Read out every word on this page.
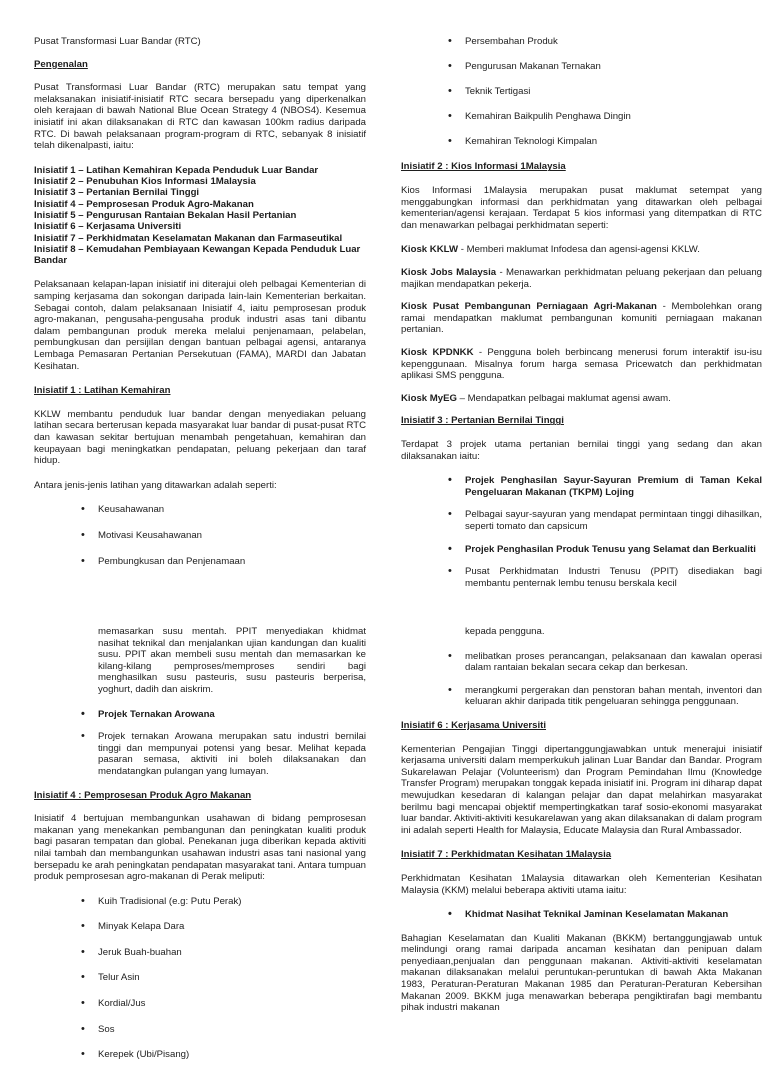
Pusat Transformasi Luar Bandar (RTC)

Pengenalan

Pusat Transformasi Luar Bandar (RTC) merupakan satu tempat yang melaksanakan inisiatif-inisiatif RTC secara bersepadu yang diperkenalkan oleh kerajaan di bawah National Blue Ocean Strategy 4 (NBOS4). Kesemua inisiatif ini akan dilaksanakan di RTC dan kawasan 100km radius daripada RTC. Di bawah pelaksanaan program-program di RTC, sebanyak 8 inisiatif telah dikenalpasti, iaitu:

Inisiatif 1 – Latihan Kemahiran Kepada Penduduk Luar Bandar
Inisiatif 2 – Penubuhan Kios Informasi 1Malaysia
Inisiatif 3 – Pertanian Bernilai Tinggi
Inisiatif 4 – Pemprosesan Produk Agro-Makanan
Inisiatif 5 – Pengurusan Rantaian Bekalan Hasil Pertanian
Inisiatif 6 – Kerjasama Universiti
Inisiatif 7 – Perkhidmatan Keselamatan Makanan dan Farmaseutikal
Inisiatif 8 – Kemudahan Pembiayaan Kewangan Kepada Penduduk Luar Bandar

Pelaksanaan kelapan-lapan inisiatif ini diterajui oleh pelbagai Kementerian di samping kerjasama dan sokongan daripada lain-lain Kementerian berkaitan. Sebagai contoh, dalam pelaksanaan Inisiatif 4, iaitu pemprosesan produk agro-makanan, pengusaha-pengusaha produk industri asas tani dibantu dalam pembangunan produk mereka melalui penjenamaan, pelabelan, pembungkusan dan persijilan dengan bantuan pelbagai agensi, antaranya Lembaga Pemasaran Pertanian Persekutuan (FAMA), MARDI dan Jabatan Kesihatan.

Inisiatif 1 : Latihan Kemahiran

KKLW membantu penduduk luar bandar dengan menyediakan peluang latihan secara berterusan kepada masyarakat luar bandar di pusat-pusat RTC dan kawasan sekitar bertujuan menambah pengetahuan, kemahiran dan keupayaan bagi meningkatkan pendapatan, peluang pekerjaan dan taraf hidup.

Antara jenis-jenis latihan yang ditawarkan adalah seperti:

• Keusahawanan
• Motivasi Keusahawanan
• Pembungkusan dan Penjenamaan
• Persembahan Produk
• Pengurusan Makanan Ternakan
• Teknik Tertigasi
• Kemahiran Baikpulih Penghawa Dingin
• Kemahiran Teknologi Kimpalan
Inisiatif 2 : Kios Informasi 1Malaysia

Kios Informasi 1Malaysia merupakan pusat maklumat setempat yang menggabungkan informasi dan perkhidmatan yang ditawarkan oleh pelbagai kementerian/agensi kerajaan. Terdapat 5 kios informasi yang ditempatkan di RTC dan menawarkan pelbagai perkhidmatan seperti:

Kiosk KKLW - Memberi maklumat Infodesa dan agensi-agensi KKLW.

Kiosk Jobs Malaysia - Menawarkan perkhidmatan peluang pekerjaan dan peluang majikan mendapatkan pekerja.

Kiosk Pusat Pembangunan Perniagaan Agri-Makanan - Membolehkan orang ramai mendapatkan maklumat pembangunan komuniti perniagaan makanan pertanian.

Kiosk KPDNKK - Pengguna boleh berbincang menerusi forum interaktif isu-isu kepenggunaan. Misalnya forum harga semasa Pricewatch dan perkhidmatan aplikasi SMS pengguna.

Kiosk MyEG – Mendapatkan pelbagai maklumat agensi awam.

Inisiatif 3 : Pertanian Bernilai Tinggi

Terdapat 3 projek utama pertanian bernilai tinggi yang sedang dan akan dilaksanakan iaitu:

• Projek Penghasilan Sayur-Sayuran Premium di Taman Kekal Pengeluaran Makanan (TKPM) Lojing
• Pelbagai sayur-sayuran yang mendapat permintaan tinggi dihasilkan, seperti tomato dan capsicum
• Projek Penghasilan Produk Tenusu yang Selamat dan Berkualiti
• Pusat Perkhidmatan Industri Tenusu (PPIT) disediakan bagi membantu penternak lembu tenusu berskala kecil

memasarkan susu mentah. PPIT menyediakan khidmat nasihat teknikal dan menjalankan ujian kandungan dan kualiti susu. PPIT akan membeli susu mentah dan memasarkan ke kilang-kilang pemproses/memproses sendiri bagi menghasilkan susu pasteuris, susu pasteuris berperisa, yoghurt, dadih dan aiskrim.

• Projek Ternakan Arowana
• Projek ternakan Arowana merupakan satu industri bernilai tinggi dan mempunyai potensi yang besar. Melihat kepada pasaran semasa, aktiviti ini boleh dilaksanakan dan mendatangkan pulangan yang lumayan.
Inisiatif 4 : Pemprosesan Produk Agro Makanan

Inisiatif 4 bertujuan membangunkan usahawan di bidang pemprosesan makanan yang menekankan pembangunan dan peningkatan kualiti produk bagi pasaran tempatan dan global. Penekanan juga diberikan kepada aktiviti nilai tambah dan membangunkan usahawan industri asas tani nasional yang bersepadu ke arah peningkatan pendapatan masyarakat tani. Antara tumpuan produk pemprosesan agro-makanan di Perak meliputi:

• Kuih Tradisional (e.g: Putu Perak)
• Minyak Kelapa Dara
• Jeruk Buah-buahan
• Telur Asin
• Kordial/Jus
• Sos
• Kerepek (Ubi/Pisang)

kepada pengguna.

• melibatkan proses perancangan, pelaksanaan dan kawalan operasi dalam rantaian bekalan secara cekap dan berkesan.
• merangkumi pergerakan dan penstoran bahan mentah, inventori dan keluaran akhir daripada titik pengeluaran sehingga penggunaan.
Inisiatif 6 : Kerjasama Universiti

Kementerian Pengajian Tinggi dipertanggungjawabkan untuk menerajui inisiatif kerjasama universiti dalam memperkukuh jalinan Luar Bandar dan Bandar. Program Sukarelawan Pelajar (Volunteerism) dan Program Pemindahan Ilmu (Knowledge Transfer Program) merupakan tonggak kepada inisiatif ini. Program ini diharap dapat mewujudkan kesedaran di kalangan pelajar dan dapat melahirkan masyarakat berilmu bagi mencapai objektif mempertingkatkan taraf sosio-ekonomi masyarakat luar bandar. Aktiviti-aktiviti kesukarelawan yang akan dilaksanakan di dalam program ini adalah seperti Health for Malaysia, Educate Malaysia dan Rural Ambassador.

Inisiatif 7 : Perkhidmatan Kesihatan 1Malaysia

Perkhidmatan Kesihatan 1Malaysia ditawarkan oleh Kementerian Kesihatan Malaysia (KKM) melalui beberapa aktiviti utama iaitu:

• Khidmat Nasihat Teknikal Jaminan Keselamatan Makanan

Bahagian Keselamatan dan Kualiti Makanan (BKKM) bertanggungjawab untuk melindungi orang ramai daripada ancaman kesihatan dan penipuan dalam penyediaan,penjualan dan penggunaan makanan. Aktiviti-aktiviti keselamatan makanan dilaksanakan melalui peruntukan-peruntukan di bawah Akta Makanan 1983, Peraturan-Peraturan Makanan 1985 dan Peraturan-Peraturan Kebersihan Makanan 2009. BKKM juga menawarkan beberapa pengiktirafan bagi membantu pihak industri makanan
